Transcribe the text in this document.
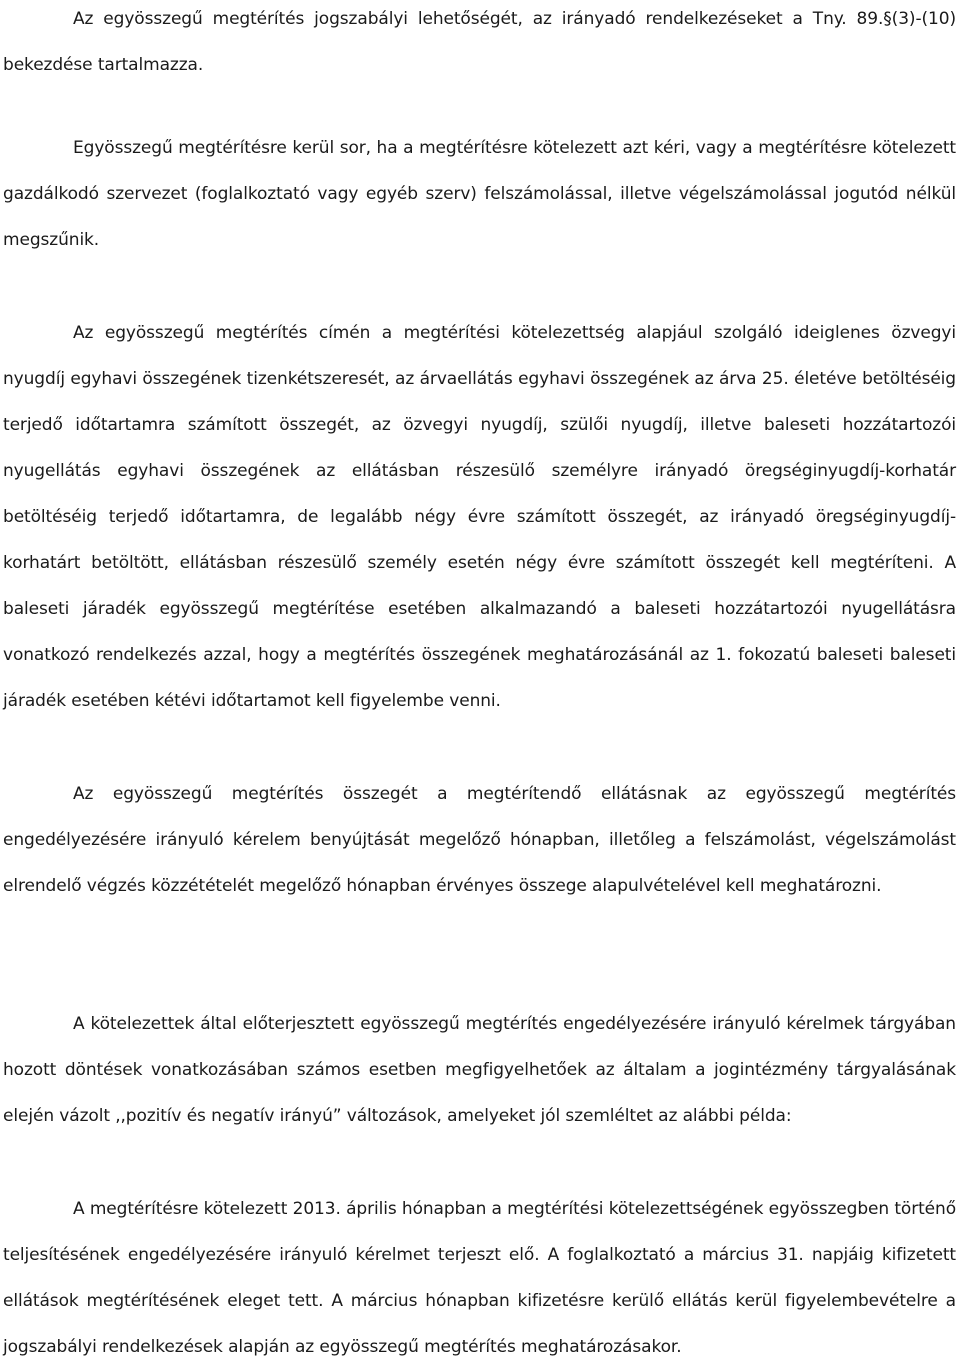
Az egyösszegű megtérítés jogszabályi lehetőségét, az irányadó rendelkezéseket a Tny. 89.§(3)-(10) bekezdése tartalmazza.

Egyösszegű megtérítésre kerül sor, ha a megtérítésre kötelezett azt kéri, vagy a megtérítésre kötelezett gazdálkodó szervezet (foglalkoztató vagy egyéb szerv) felszámolással, illetve végelszámolással jogutód nélkül megszűnik.

Az egyösszegű megtérítés címén a megtérítési kötelezettség alapjául szolgáló ideiglenes özvegyi nyugdíj egyhavi összegének tizenkétszeresét, az árvaellátás egyhavi összegének az árva 25. életéve betöltéséig terjedő időtartamra számított összegét, az özvegyi nyugdíj, szülői nyugdíj, illetve baleseti hozzátartozói nyugellátás egyhavi összegének az ellátásban részesülő személyre irányadó öregséginyugdíj-korhatár betöltéséig terjedő időtartamra, de legalább négy évre számított összegét, az irányadó öregséginyugdíj-korhatárt betöltött, ellátásban részesülő személy esetén négy évre számított összegét kell megtéríteni. A baleseti járadék egyösszegű megtérítése esetében alkalmazandó a baleseti hozzátartozói nyugellátásra vonatkozó rendelkezés azzal, hogy a megtérítés összegének meghatározásánál az 1. fokozatú baleseti baleseti járadék esetében kétévi időtartamot kell figyelembe venni.

Az egyösszegű megtérítés összegét a megtérítendő ellátásnak az egyösszegű megtérítés engedélyezésére irányuló kérelem benyújtását megelőző hónapban, illetőleg a felszámolást, végelszámolást elrendelő végzés közzétételét megelőző hónapban érvényes összege alapulvételével kell meghatározni.

A kötelezettek által előterjesztett egyösszegű megtérítés engedélyezésére irányuló kérelmek tárgyában hozott döntések vonatkozásában számos esetben megfigyelhetőek az általam a jogintézmény tárgyalásának elején vázolt ,,pozitív és negatív irányú” változások, amelyeket jól szemléltet az alábbi példa:

A megtérítésre kötelezett 2013. április hónapban a megtérítési kötelezettségének egyösszegben történő teljesítésének engedélyezésére irányuló kérelmet terjeszt elő. A foglalkoztató a március 31. napjáig kifizetett ellátások megtérítésének eleget tett. A március hónapban kifizetésre kerülő ellátás kerül figyelembevételre a jogszabályi rendelkezések alapján az egyösszegű megtérítés meghatározásakor.
